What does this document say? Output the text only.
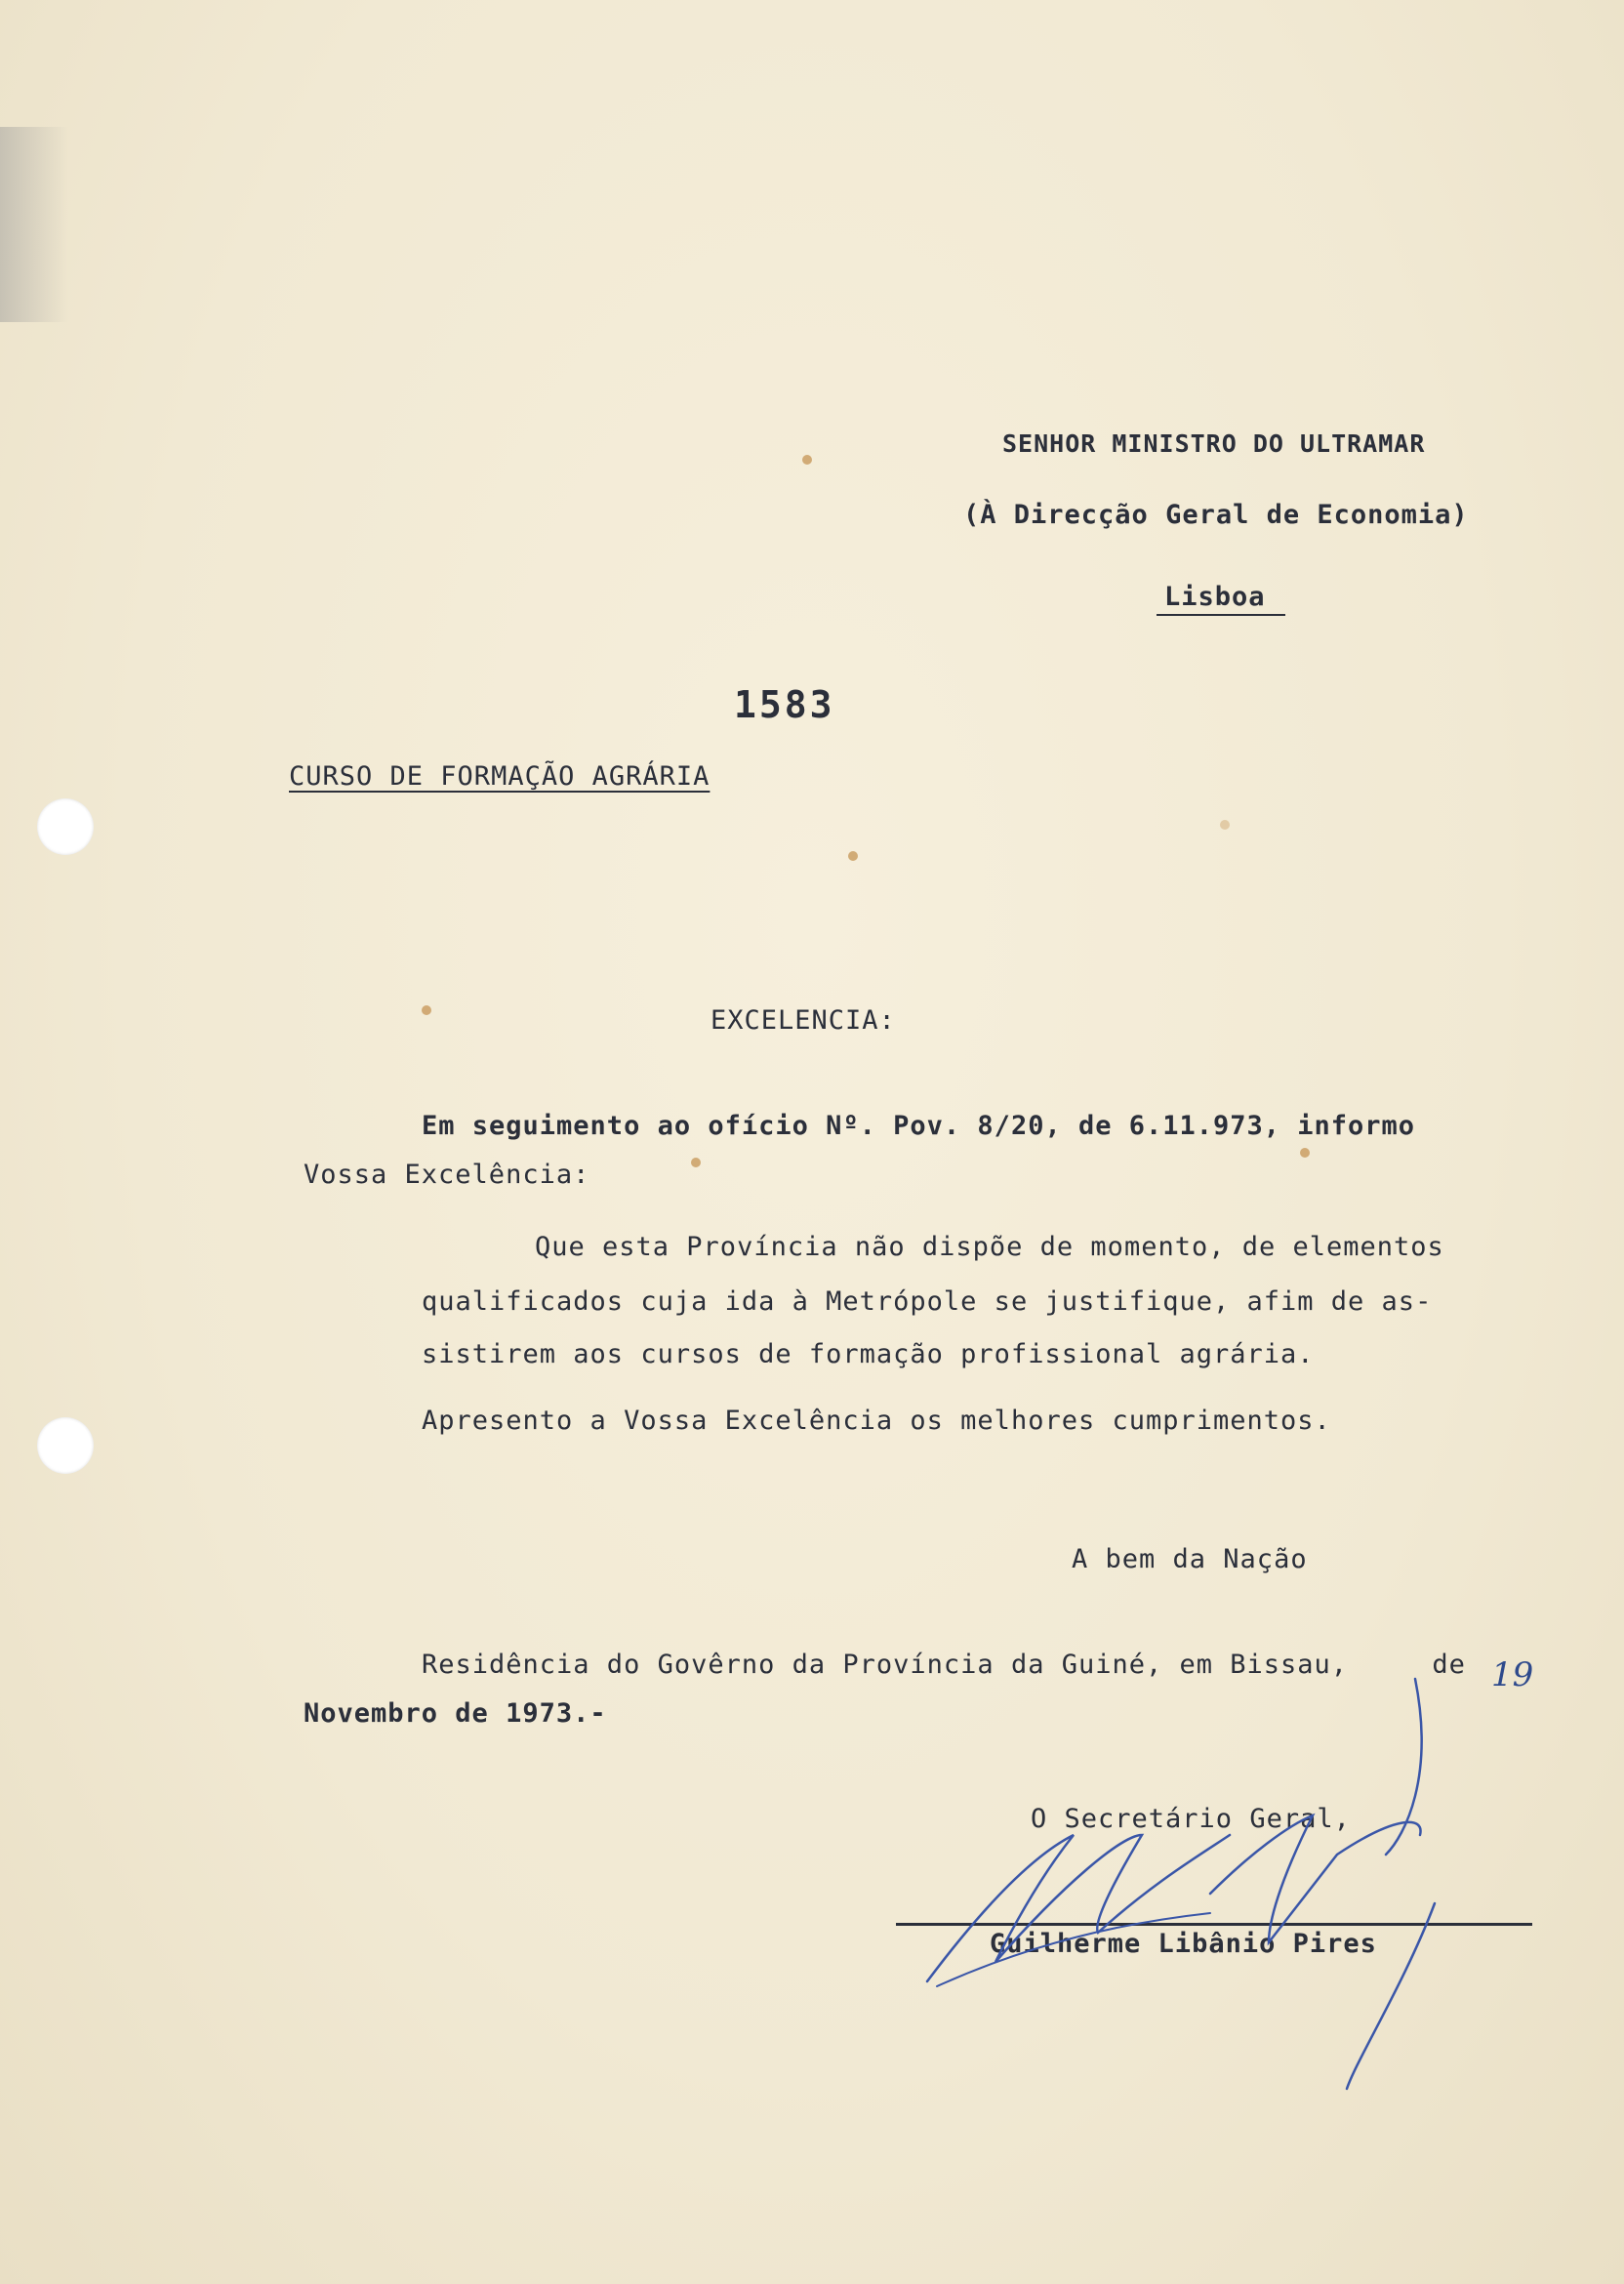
SENHOR MINISTRO DO ULTRAMAR
(À Direcção Geral de Economia)
Lisboa
1583
CURSO DE FORMAÇÃO AGRÁRIA
EXCELENCIA:
Em seguimento ao ofício Nº. Pov. 8/20, de 6.11.973, informo
Vossa Excelência:
Que esta Província não dispõe de momento, de elementos
qualificados cuja ida à Metrópole se justifique, afim de as-
sistirem aos cursos de formação profissional agrária.
Apresento a Vossa Excelência os melhores cumprimentos.
A bem da Nação
Residência do Govêrno da Província da Guiné, em Bissau,	de 19
Novembro de 1973.-
O Secretário Geral,
Guilherme Libânio Pires
